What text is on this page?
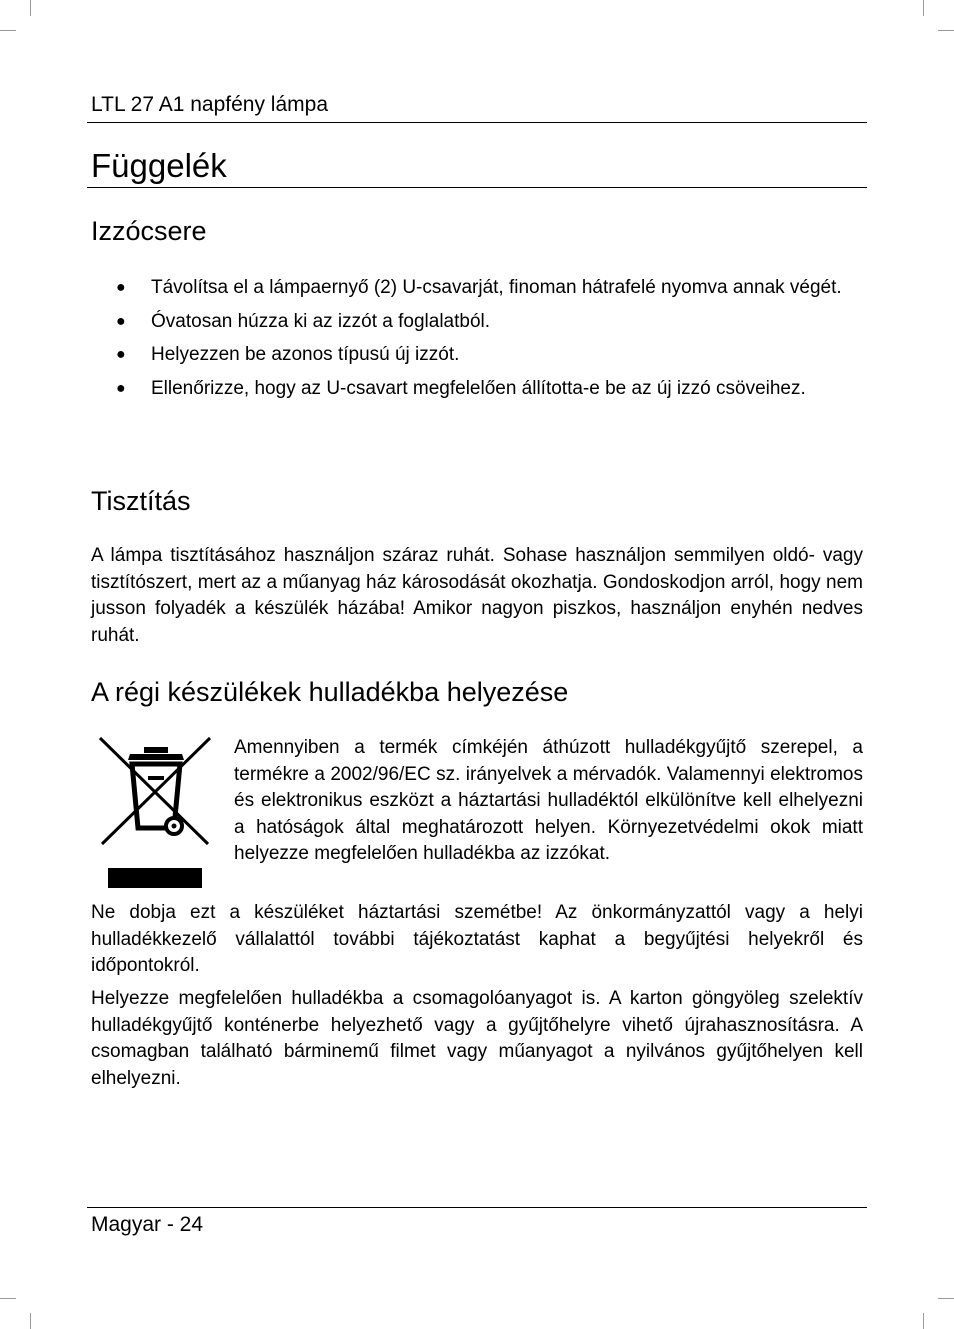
LTL 27 A1 napfény lámpa
Függelék
Izzócsere
● Távolítsa el a lámpaernyő (2) U-csavarját, finoman hátrafelé nyomva annak végét.
● Óvatosan húzza ki az izzót a foglalatból.
● Helyezzen be azonos típusú új izzót.
● Ellenőrizze, hogy az U-csavart megfelelően állította-e be az új izzó csöveihez.
Tisztítás

A lámpa tisztításához használjon száraz ruhát. Sohase használjon semmilyen oldó- vagy tisztítószert, mert az a műanyag ház károsodását okozhatja. Gondoskodjon arról, hogy nem jusson folyadék a készülék házába! Amikor nagyon piszkos, használjon enyhén nedves ruhát.

A régi készülékek hulladékba helyezése

Amennyiben a termék címkéjén áthúzott hulladékgyűjtő szerepel, a termékre a 2002/96/EC sz. irányelvek a mérvadók. Valamennyi elektromos és elektronikus eszközt a háztartási hulladéktól elkülönítve kell elhelyezni a hatóságok által meghatározott helyen. Környezetvédelmi okok miatt helyezze megfelelően hulladékba az izzókat.

Ne dobja ezt a készüléket háztartási szemétbe! Az önkormányzattól vagy a helyi hulladékkezelő vállalattól további tájékoztatást kaphat a begyűjtési helyekről és időpontokról.

Helyezze megfelelően hulladékba a csomagolóanyagot is. A karton göngyöleg szelektív hulladékgyűjtő konténerbe helyezhető vagy a gyűjtőhelyre vihető újrahasznosításra. A csomagban található bárminemű filmet vagy műanyagot a nyilvános gyűjtőhelyen kell elhelyezni.

Magyar - 24
